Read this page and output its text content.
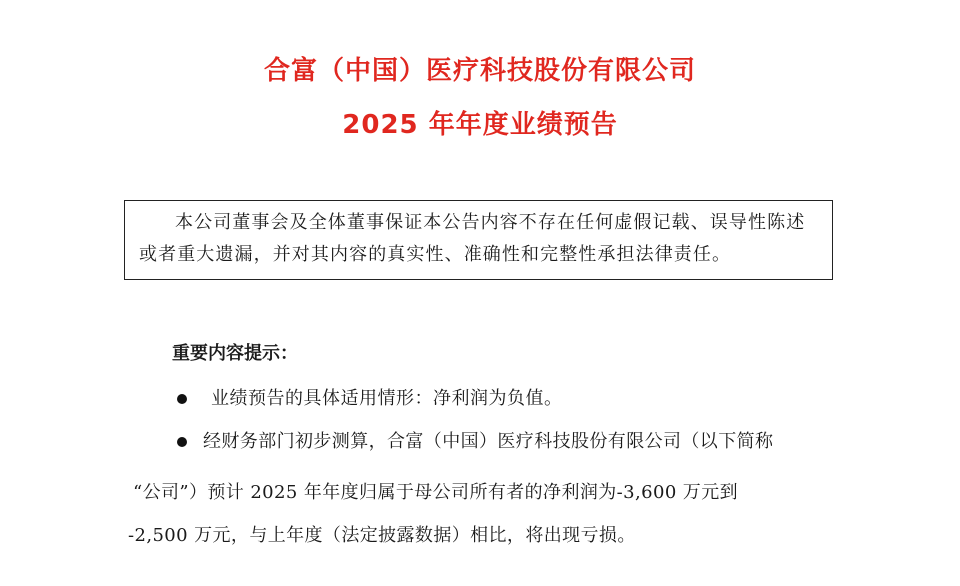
合富（中国）医疗科技股份有限公司
2025 年年度业绩预告
本公司董事会及全体董事保证本公告内容不存在任何虚假记载、误导性陈述或者重大遗漏，并对其内容的真实性、准确性和完整性承担法律责任。
重要内容提示：
业绩预告的具体适用情形：净利润为负值。
经财务部门初步测算，合富（中国）医疗科技股份有限公司（以下简称
“公司”）预计 2025 年年度归属于母公司所有者的净利润为-3,600 万元到
-2,500 万元，与上年度（法定披露数据）相比，将出现亏损。
